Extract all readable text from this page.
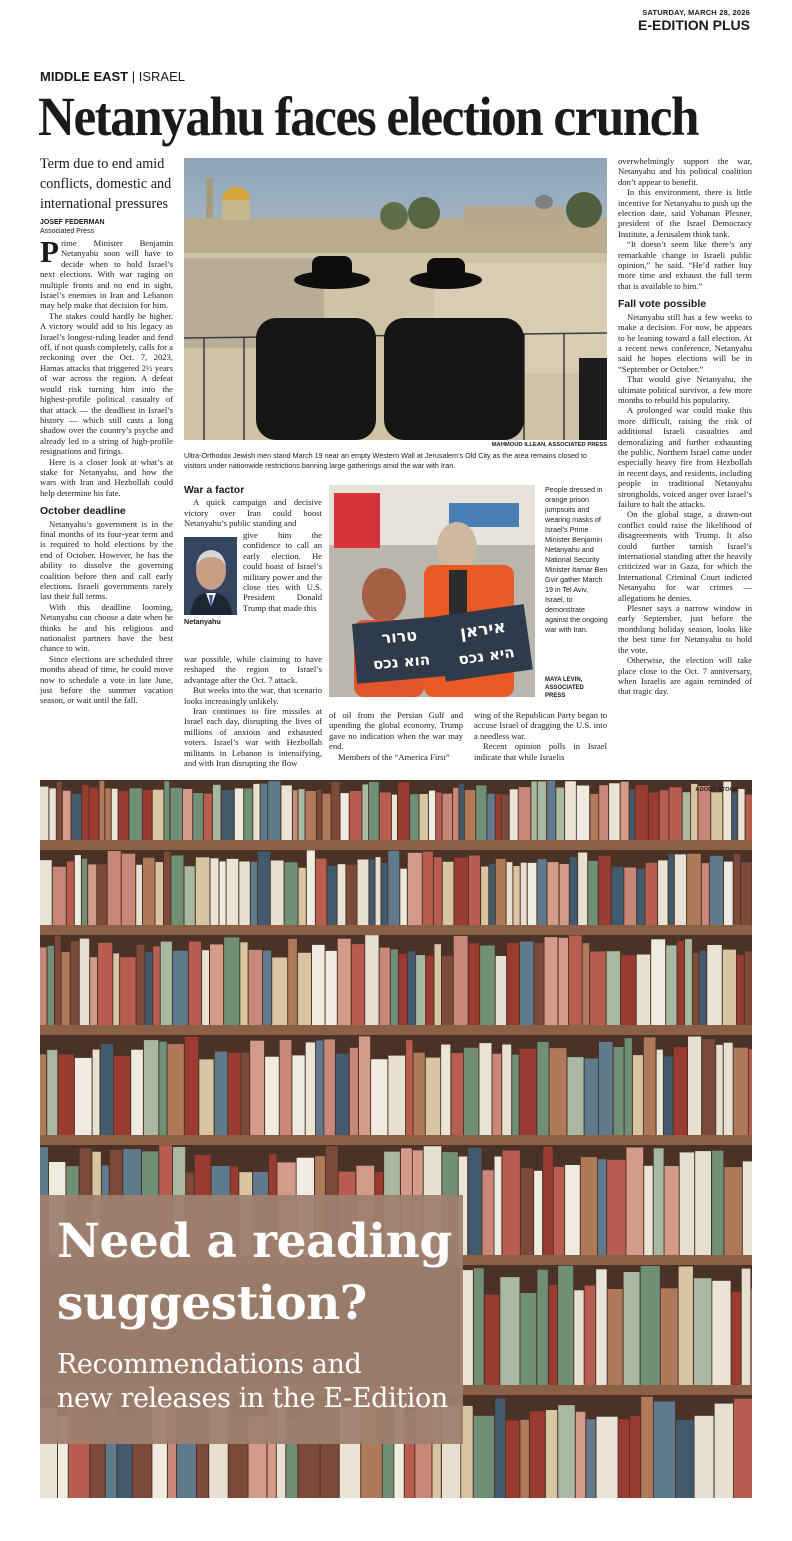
SATURDAY, MARCH 28, 2026
E-EDITION PLUS
MIDDLE EAST | ISRAEL
Netanyahu faces election crunch
Term due to end amid conflicts, domestic and international pressures
JOSEF FEDERMAN
Associated Press

Prime Minister Benjamin Netanyahu soon will have to decide when to hold Israel’s next elections. With war raging on multiple fronts and no end in sight, Israel’s enemies in Iran and Lebanon may help make that decision for him.

The stakes could hardly be higher. A victory would add to his legacy as Israel’s longest-ruling leader and fend off, if not quash completely, calls for a reckoning over the Oct. 7, 2023, Hamas attacks that triggered 2½ years of war across the region. A defeat would risk turning him into the highest-profile political casualty of that attack — the deadliest in Israel’s history — which still casts a long shadow over the country’s psyche and already led to a string of high-profile resignations and firings.

Here is a closer look at what’s at stake for Netanyahu, and how the wars with Iran and Hezbollah could help determine his fate.

October deadline

Netanyahu’s government is in the final months of its four-year term and is required to hold elections by the end of October. However, he has the ability to dissolve the governing coalition before then and call early elections. Israeli governments rarely last their full terms.

With this deadline looming, Netanyahu can choose a date when he thinks he and his religious and nationalist partners have the best chance to win.

Since elections are scheduled three months ahead of time, he could move now to schedule a vote in late June, just before the summer vacation season, or wait until the fall.

MAHMOUD ILLEAN, ASSOCIATED PRESS
Ultra-Orthodox Jewish men stand March 19 near an empty Western Wall at Jerusalem’s Old City as the area remains closed to visitors under nationwide restrictions banning large gatherings amid the war with Iran.
War a factor

A quick campaign and decisive victory over Iran could boost Netanyahu’s public standing and

Netanyahu

give him the confidence to call an early election. He could boast of Israel’s military power and the close ties with U.S. President Donald Trump that made this

war possible, while claiming to have reshaped the region to Israel’s advantage after the Oct. 7 attack.

But weeks into the war, that scenario looks increasingly unlikely.

Iran continues to fire missiles at Israel each day, disrupting the lives of millions of anxious and exhausted voters. Israel’s war with Hezbollah militants in Lebanon is intensifying, and with Iran disrupting the flow

טרור
הוא נכס
איראן
היא נכס
People dressed in orange prison jumpsuits and wearing masks of Israel’s Prime Minister Benjamin Netanyahu and National Security Minister Itamar Ben Gvir gather March 19 in Tel Aviv, Israel, to demonstrate against the ongoing war with Iran.
MAYA LEVIN, ASSOCIATED PRESS

of oil from the Persian Gulf and upending the global economy, Trump gave no indication when the war may end.

Members of the “America First”

wing of the Republican Party began to accuse Israel of dragging the U.S. into a needless war.

Recent opinion polls in Israel indicate that while Israelis

overwhelmingly support the war, Netanyahu and his political coalition don’t appear to benefit.

In this environment, there is little incentive for Netanyahu to push up the election date, said Yohanan Plesner, president of the Israel Democracy Institute, a Jerusalem think tank.

“It doesn’t seem like there’s any remarkable change in Israeli public opinion,” he said. “He’d rather buy more time and exhaust the full term that is available to him.”

Fall vote possible

Netanyahu still has a few weeks to make a decision. For now, he appears to be leaning toward a fall election. At a recent news conference, Netanyahu said he hopes elections will be in “September or October.”

That would give Netanyahu, the ultimate political survivor, a few more months to rebuild his popularity.

A prolonged war could make this more difficult, raising the risk of additional Israeli casualties and demoralizing and further exhausting the public. Northern Israel came under especially heavy fire from Hezbollah in recent days, and residents, including people in traditional Netanyahu strongholds, voiced anger over Israel’s failure to halt the attacks.

On the global stage, a drawn-out conflict could raise the likelihood of disagreements with Trump. It also could further tarnish Israel’s international standing after the heavily criticized war in Gaza, for which the International Criminal Court indicted Netanyahu for war crimes — allegations he denies.

Plesner says a narrow window in early September, just before the monthlong holiday season, looks like the best time for Netanyahu to hold the vote.

Otherwise, the election will take place close to the Oct. 7 anniversary, when Israelis are again reminded of that tragic day.

ADOBE STOCK
Need a reading
suggestion?
Recommendations and
new releases in the E-Edition
